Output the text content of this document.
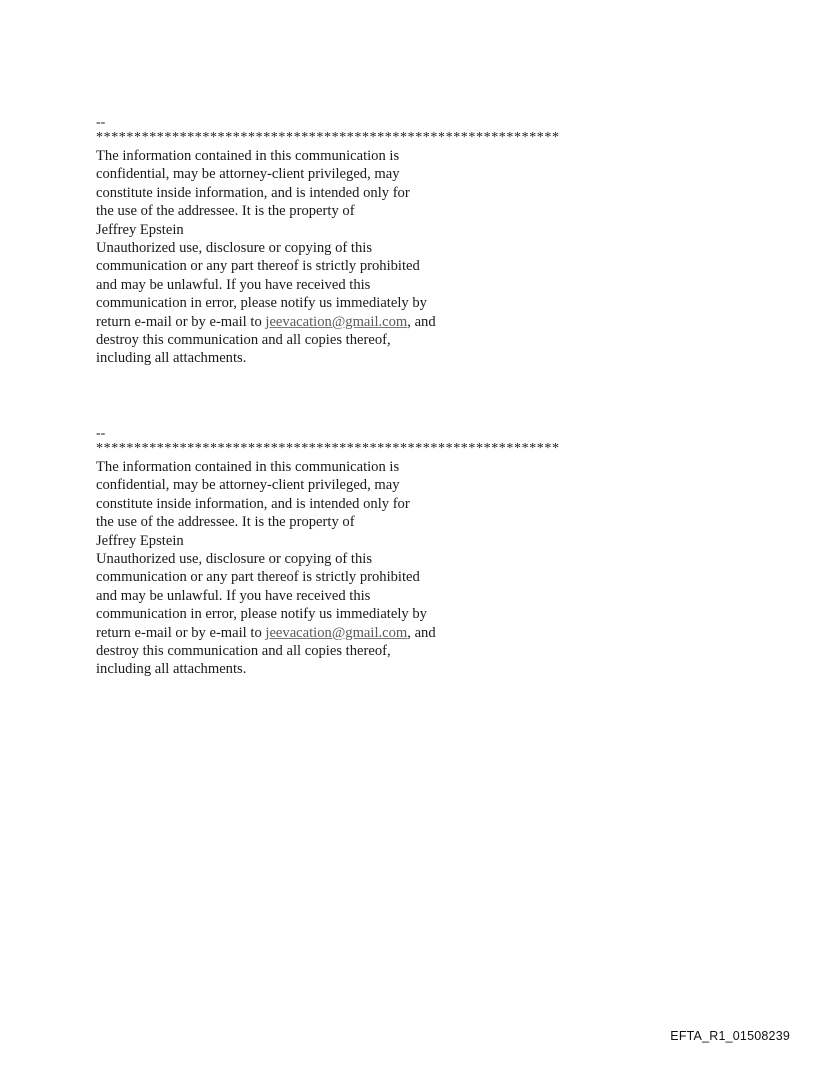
--
*************************************************************
The information contained in this communication is
confidential, may be attorney-client privileged, may
constitute inside information, and is intended only for
the use of the addressee. It is the property of
Jeffrey Epstein
Unauthorized use, disclosure or copying of this
communication or any part thereof is strictly prohibited
and may be unlawful. If you have received this
communication in error, please notify us immediately by
return e-mail or by e-mail to jeevacation@gmail.com, and
destroy this communication and all copies thereof,
including all attachments.
--
*************************************************************
The information contained in this communication is
confidential, may be attorney-client privileged, may
constitute inside information, and is intended only for
the use of the addressee. It is the property of
Jeffrey Epstein
Unauthorized use, disclosure or copying of this
communication or any part thereof is strictly prohibited
and may be unlawful. If you have received this
communication in error, please notify us immediately by
return e-mail or by e-mail to jeevacation@gmail.com, and
destroy this communication and all copies thereof,
including all attachments.
EFTA_R1_01508239
